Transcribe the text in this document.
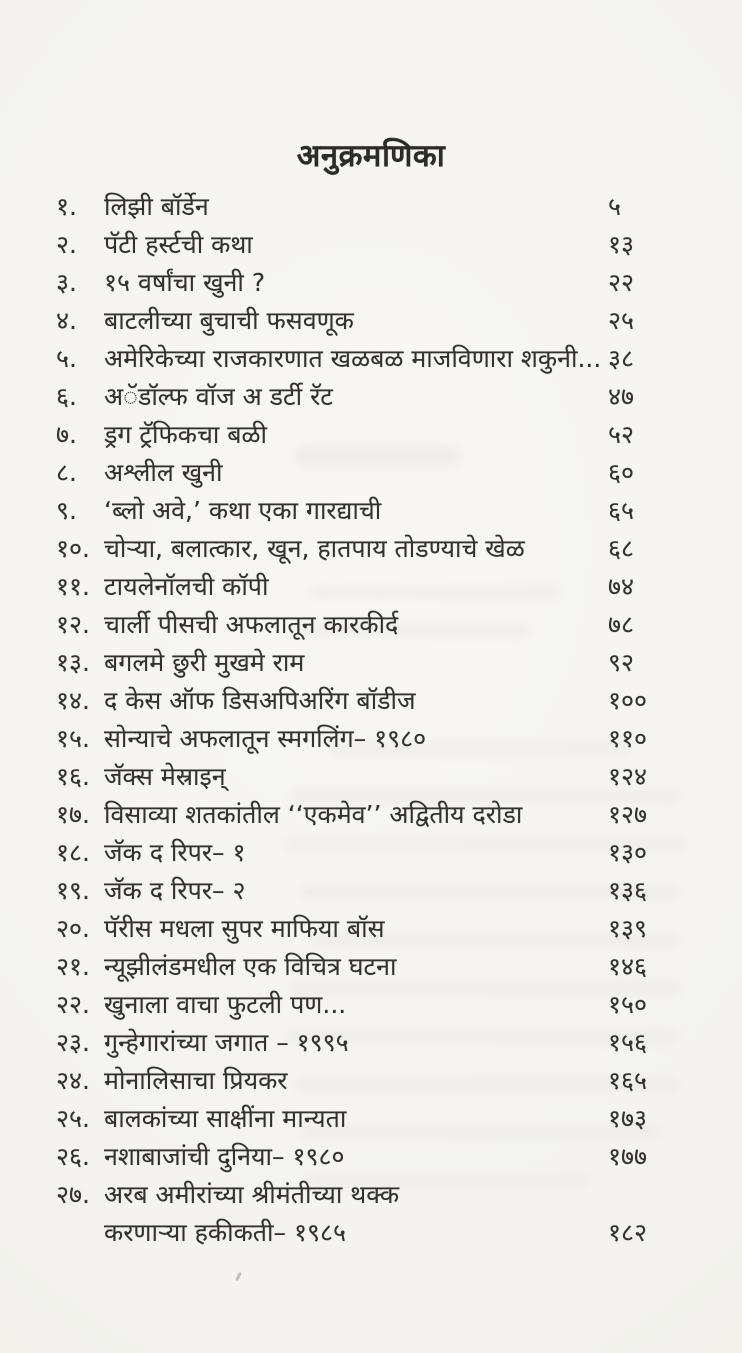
अनुक्रमणिका
१.	लिझी बॉर्डेन	५
२.	पॅटी हर्स्टची कथा	१३
३.	१५ वर्षांचा खुनी ?	२२
४.	बाटलीच्या बुचाची फसवणूक	२५
५.	अमेरिकेच्या राजकारणात खळबळ माजविणारा शकुनी... ३८
६.	अॅडॉल्फ वॉज अ डर्टी रॅट	४७
७.	ड्रग ट्रॅफिकचा बळी	५२
८.	अश्लील खुनी	६०
९.	‘ब्लो अवे,’ कथा एका गारद्याची	६५
१०. चोऱ्या, बलात्कार, खून, हातपाय तोडण्याचे खेळ	६८
११. टायलेनॉलची कॉपी	७४
१२. चार्ली पीसची अफलातून कारकीर्द	७८
१३. बगलमे छुरी मुखमे राम	९२
१४. द केस ऑफ डिसअपिअरिंग बॉडीज	१००
१५. सोन्याचे अफलातून स्मगलिंग– १९८०	११०
१६. जॅक्स मेस्राइन्	१२४
१७. विसाव्या शतकांतील ‘‘एकमेव’’ अद्वितीय दरोडा	१२७
१८. जॅक द रिपर– १	१३०
१९. जॅक द रिपर– २	१३६
२०. पॅरीस मधला सुपर माफिया बॉस	१३९
२१. न्यूझीलंडमधील एक विचित्र घटना	१४६
२२. खुनाला वाचा फुटली पण...	१५०
२३. गुन्हेगारांच्या जगात – १९९५	१५६
२४. मोनालिसाचा प्रियकर	१६५
२५. बालकांच्या साक्षींना मान्यता	१७३
२६. नशाबाजांची दुनिया– १९८०	१७७
२७. अरब अमीरांच्या श्रीमंतीच्या थक्क
करणाऱ्या हकीकती– १९८५	१८२
